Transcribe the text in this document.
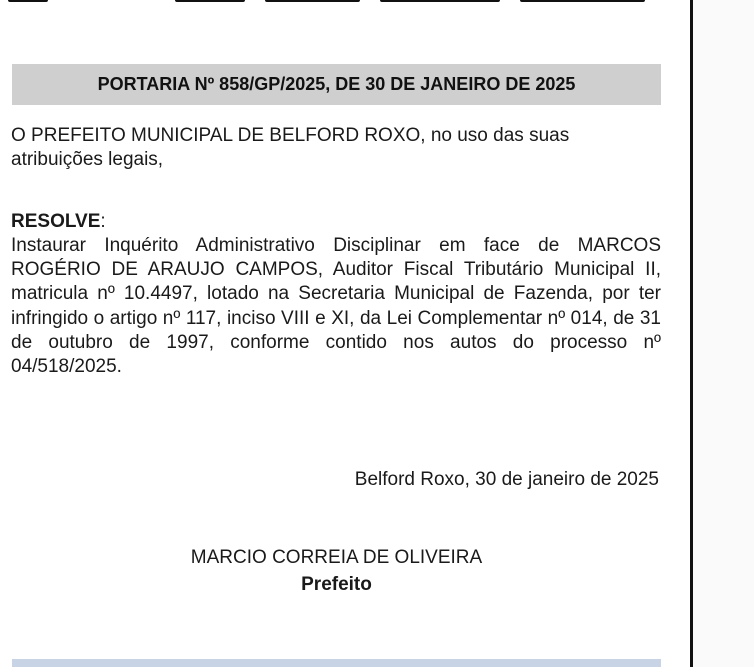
PORTARIA Nº 858/GP/2025, DE 30 DE JANEIRO DE 2025
O PREFEITO MUNICIPAL DE BELFORD ROXO, no uso das suas atribuições legais,
RESOLVE:
Instaurar Inquérito Administrativo Disciplinar em face de MARCOS ROGÉRIO DE ARAUJO CAMPOS, Auditor Fiscal Tributário Municipal II, matricula nº 10.4497, lotado na Secretaria Municipal de Fazenda, por ter infringido o artigo nº 117, inciso VIII e XI, da Lei Complementar nº 014, de 31 de outubro de 1997, conforme contido nos autos do processo nº 04/518/2025.
Belford Roxo, 30 de janeiro de 2025
MARCIO CORREIA DE OLIVEIRA
Prefeito
